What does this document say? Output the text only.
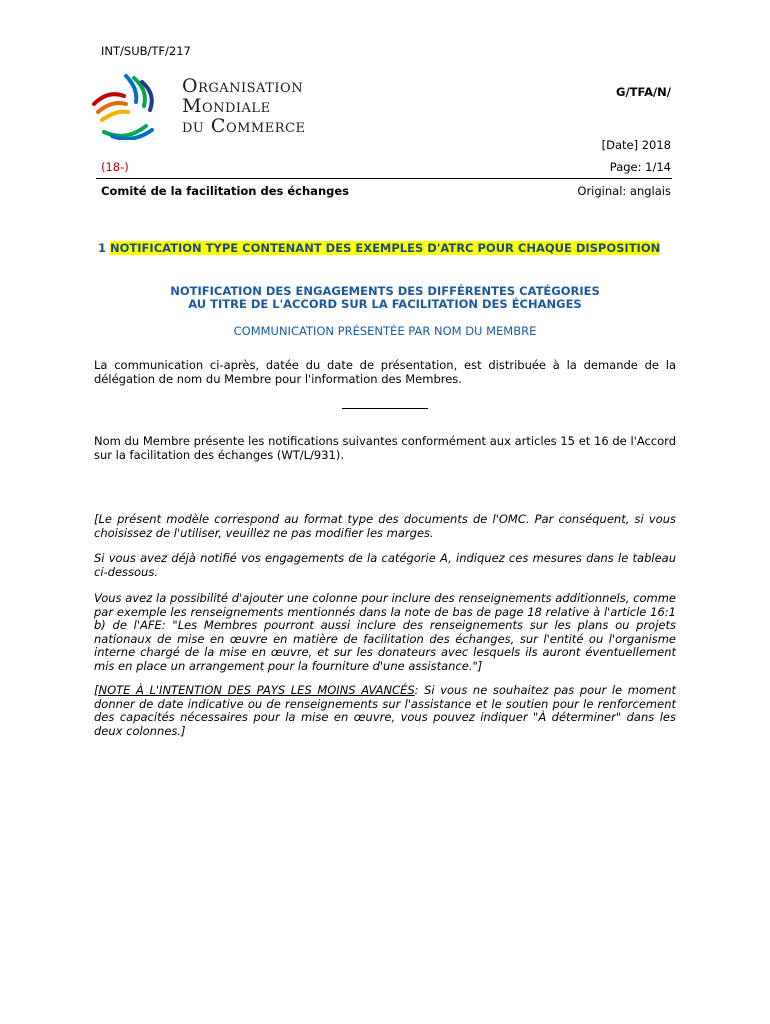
INT/SUB/TF/217
Organisation
Mondiale
du Commerce
G/TFA/N/
[Date] 2018
(18-)	Page: 1/14
Comité de la facilitation des échanges	Original: anglais
1 NOTIFICATION TYPE CONTENANT DES EXEMPLES D'ATRC POUR CHAQUE DISPOSITION
NOTIFICATION DES ENGAGEMENTS DES DIFFÉRENTES CATÉGORIES
AU TITRE DE L'ACCORD SUR LA FACILITATION DES ÉCHANGES
COMMUNICATION PRÉSENTÉE PAR NOM DU MEMBRE
La communication ci-après, datée du date de présentation, est distribuée à la demande de la délégation de nom du Membre pour l'information des Membres.
Nom du Membre présente les notifications suivantes conformément aux articles 15 et 16 de l'Accord sur la facilitation des échanges (WT/L/931).
[Le présent modèle correspond au format type des documents de l'OMC. Par conséquent, si vous choisissez de l'utiliser, veuillez ne pas modifier les marges.
Si vous avez déjà notifié vos engagements de la catégorie A, indiquez ces mesures dans le tableau ci-dessous.
Vous avez la possibilité d'ajouter une colonne pour inclure des renseignements additionnels, comme par exemple les renseignements mentionnés dans la note de bas de page 18 relative à l'article 16:1 b) de l'AFE: "Les Membres pourront aussi inclure des renseignements sur les plans ou projets nationaux de mise en œuvre en matière de facilitation des échanges, sur l'entité ou l'organisme interne chargé de la mise en œuvre, et sur les donateurs avec lesquels ils auront éventuellement mis en place un arrangement pour la fourniture d'une assistance."]
[NOTE À L'INTENTION DES PAYS LES MOINS AVANCÉS: Si vous ne souhaitez pas pour le moment donner de date indicative ou de renseignements sur l'assistance et le soutien pour le renforcement des capacités nécessaires pour la mise en œuvre, vous pouvez indiquer "À déterminer" dans les deux colonnes.]
